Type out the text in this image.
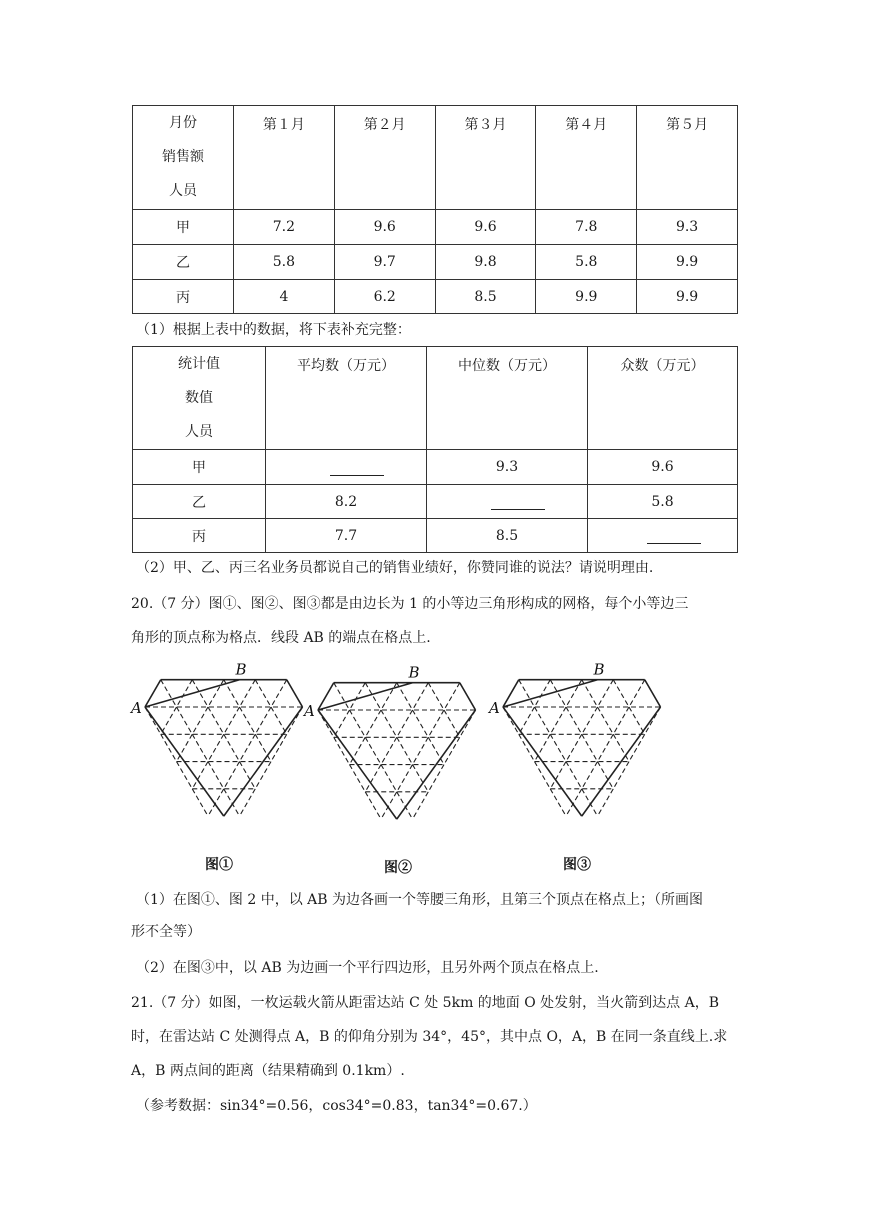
月份
销售额
人员	第１月	第２月	第３月	第４月	第５月
甲	7.2	9.6	9.6	7.8	9.3
乙	5.8	9.7	9.8	5.8	9.9
丙	4	6.2	8.5	9.9	9.9
（1）根据上表中的数据，将下表补充完整：
统计值
数值
人员	平均数（万元）	中位数（万元）	众数（万元）
甲		9.3	9.6
乙	8.2		5.8
丙	7.7	8.5	
（2）甲、乙、丙三名业务员都说自己的销售业绩好，你赞同谁的说法？请说明理由.
20.（7 分）图①、图②、图③都是由边长为 1 的小等边三角形构成的网格，每个小等边三
角形的顶点称为格点．线段 AB 的端点在格点上.
A
B
A
B
A
B
图①	图②	图③
（1）在图①、图 2 中，以 AB 为边各画一个等腰三角形，且第三个顶点在格点上；（所画图
形不全等）
（2）在图③中，以 AB 为边画一个平行四边形，且另外两个顶点在格点上.
21.（7 分）如图，一枚运载火箭从距雷达站 C 处 5km 的地面 O 处发射，当火箭到达点 A，B
时，在雷达站 C 处测得点 A，B 的仰角分别为 34°，45°，其中点 O，A，B 在同一条直线上.求
A，B 两点间的距离（结果精确到 0.1km）.
（参考数据：sin34°=0.56，cos34°=0.83，tan34°=0.67.）
